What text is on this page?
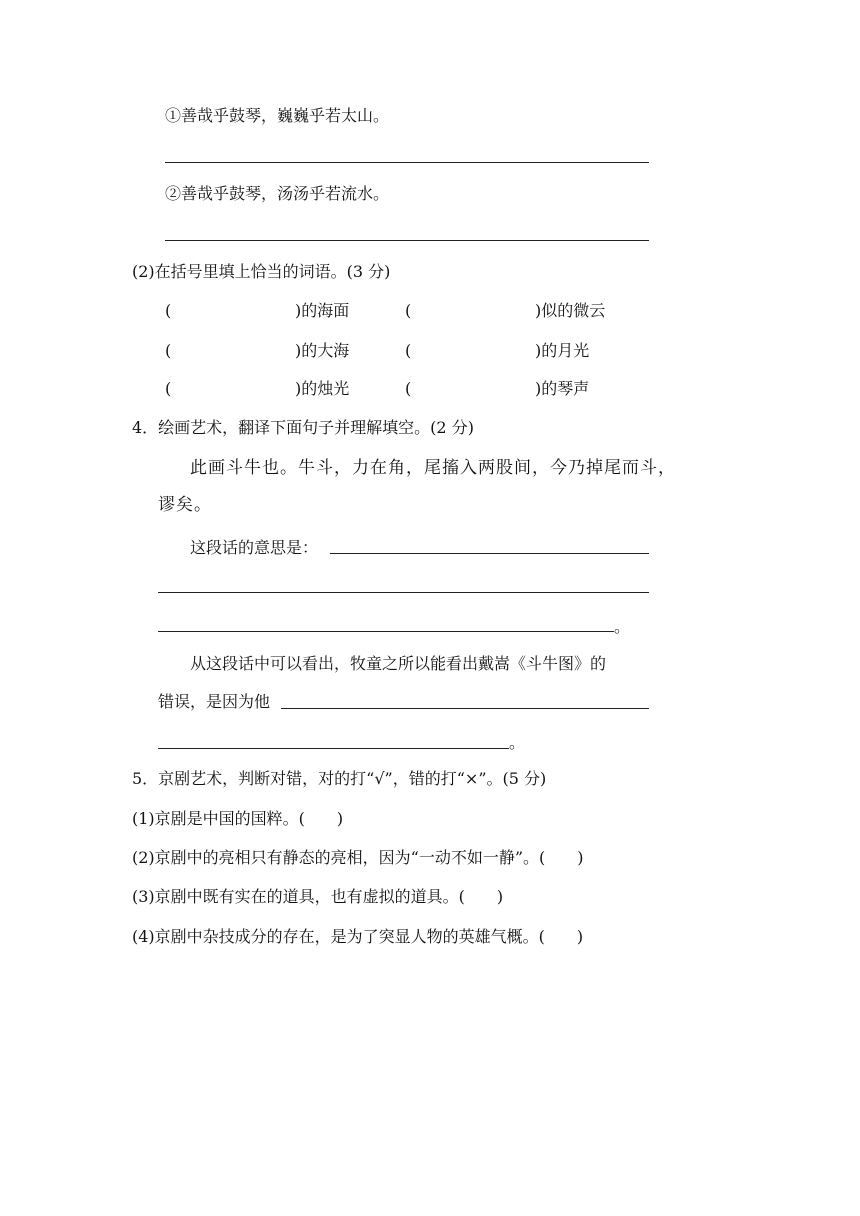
①善哉乎鼓琴，巍巍乎若太山。
②善哉乎鼓琴，汤汤乎若流水。
(2)在括号里填上恰当的词语。(3 分)
(	)的海面	(	)似的微云
(	)的大海	(	)的月光
(	)的烛光	(	)的琴声
4．绘画艺术，翻译下面句子并理解填空。(2 分)
此画斗牛也。牛斗，力在角，尾搐入两股间，今乃掉尾而斗，
谬矣。
这段话的意思是：
。
从这段话中可以看出，牧童之所以能看出戴嵩《斗牛图》的
错误，是因为他
。
5．京剧艺术，判断对错，对的打“√”，错的打“×”。(5 分)
(1)京剧是中国的国粹。(　　)
(2)京剧中的亮相只有静态的亮相，因为“一动不如一静”。(　　)
(3)京剧中既有实在的道具，也有虚拟的道具。(　　)
(4)京剧中杂技成分的存在，是为了突显人物的英雄气概。(　　)
